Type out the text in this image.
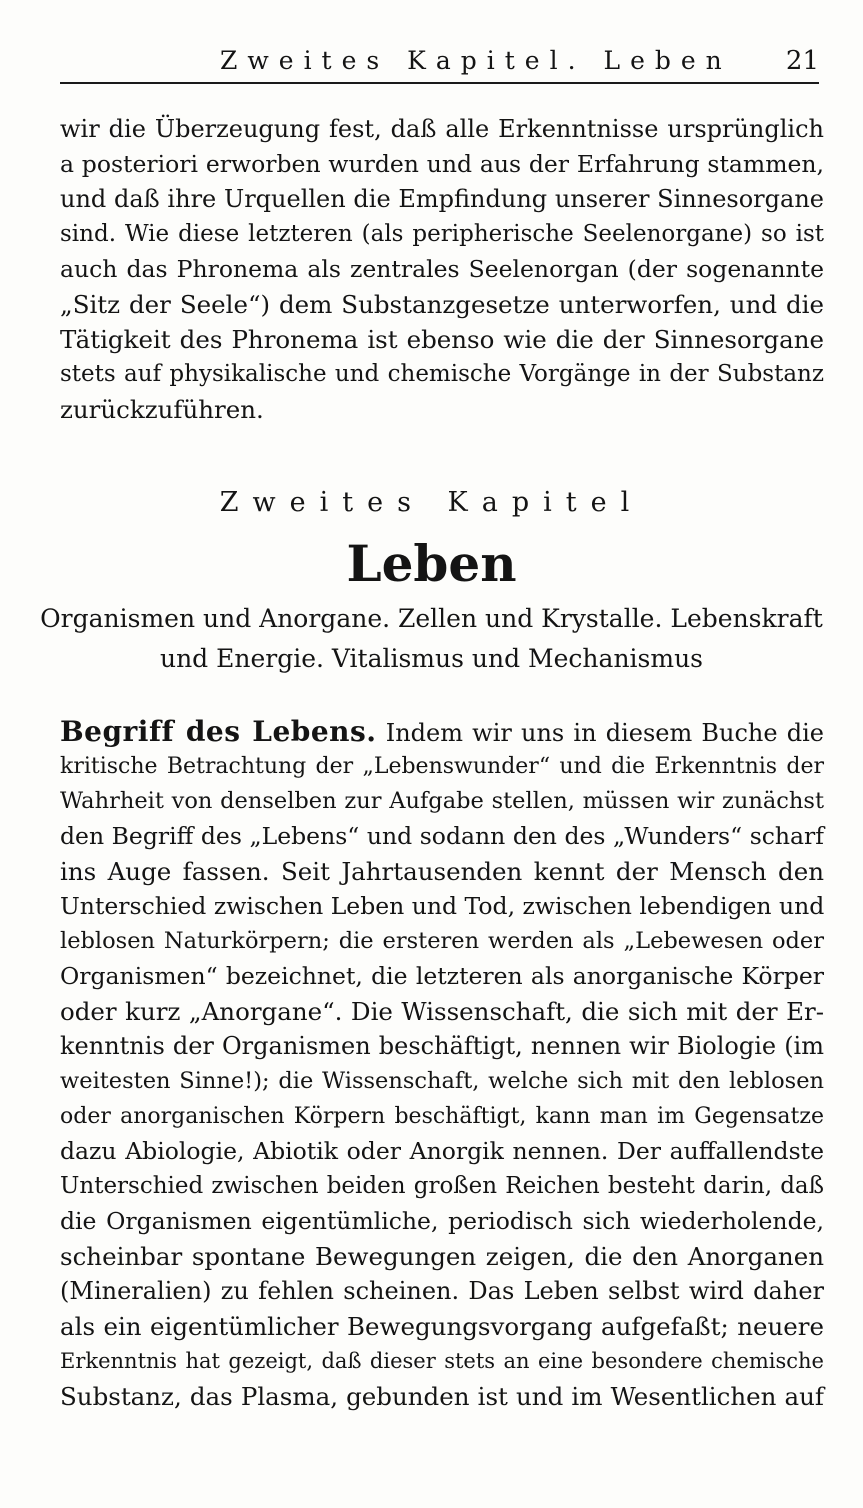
Zweites Kapitel. Leben 21
wir die Überzeugung fest, daß alle Erkenntnisse ursprünglich
a posteriori erworben wurden und aus der Erfahrung stammen,
und daß ihre Urquellen die Empfindung unserer Sinnesorgane
sind. Wie diese letzteren (als peripherische Seelenorgane) so ist
auch das Phronema als zentrales Seelenorgan (der sogenannte
„Sitz der Seele“) dem Substanzgesetze unterworfen, und die
Tätigkeit des Phronema ist ebenso wie die der Sinnesorgane
stets auf physikalische und chemische Vorgänge in der Substanz
zurückzuführen.
Zweites Kapitel
Leben
Organismen und Anorgane. Zellen und Krystalle. Lebenskraft
und Energie. Vitalismus und Mechanismus
Begriff des Lebens. Indem wir uns in diesem Buche die
kritische Betrachtung der „Lebenswunder“ und die Erkenntnis der
Wahrheit von denselben zur Aufgabe stellen, müssen wir zunächst
den Begriff des „Lebens“ und sodann den des „Wunders“ scharf
ins Auge fassen. Seit Jahrtausenden kennt der Mensch den
Unterschied zwischen Leben und Tod, zwischen lebendigen und
leblosen Naturkörpern; die ersteren werden als „Lebewesen oder
Organismen“ bezeichnet, die letzteren als anorganische Körper
oder kurz „Anorgane“. Die Wissenschaft, die sich mit der Er-
kenntnis der Organismen beschäftigt, nennen wir Biologie (im
weitesten Sinne!); die Wissenschaft, welche sich mit den leblosen
oder anorganischen Körpern beschäftigt, kann man im Gegensatze
dazu Abiologie, Abiotik oder Anorgik nennen. Der auffallendste
Unterschied zwischen beiden großen Reichen besteht darin, daß
die Organismen eigentümliche, periodisch sich wiederholende,
scheinbar spontane Bewegungen zeigen, die den Anorganen
(Mineralien) zu fehlen scheinen. Das Leben selbst wird daher
als ein eigentümlicher Bewegungsvorgang aufgefaßt; neuere
Erkenntnis hat gezeigt, daß dieser stets an eine besondere chemische
Substanz, das Plasma, gebunden ist und im Wesentlichen auf
